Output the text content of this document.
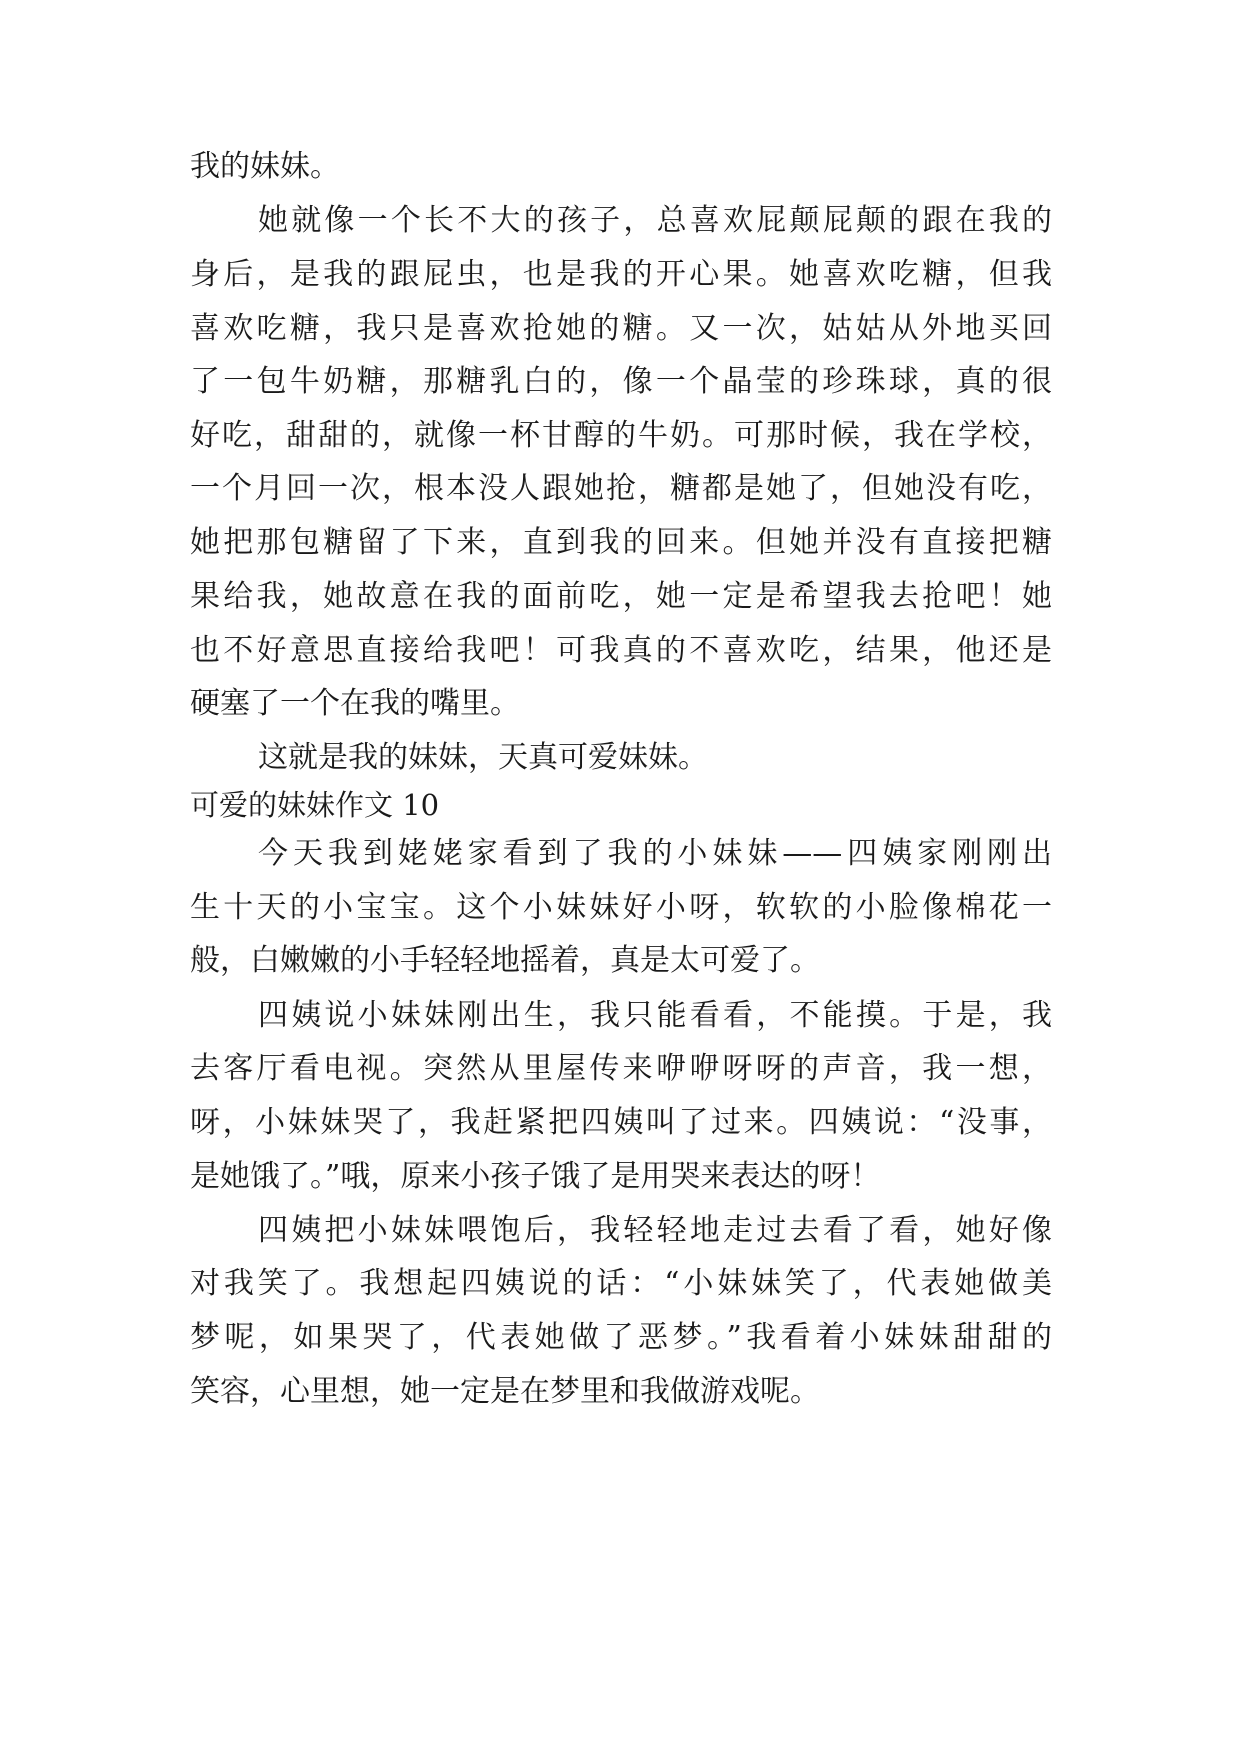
我的妹妹。
她就像一个长不大的孩子，总喜欢屁颠屁颠的跟在我的
身后，是我的跟屁虫，也是我的开心果。她喜欢吃糖，但我
喜欢吃糖，我只是喜欢抢她的糖。又一次，姑姑从外地买回
了一包牛奶糖，那糖乳白的，像一个晶莹的珍珠球，真的很
好吃，甜甜的，就像一杯甘醇的牛奶。可那时候，我在学校，
一个月回一次，根本没人跟她抢，糖都是她了，但她没有吃，
她把那包糖留了下来，直到我的回来。但她并没有直接把糖
果给我，她故意在我的面前吃，她一定是希望我去抢吧！她
也不好意思直接给我吧！可我真的不喜欢吃，结果，他还是
硬塞了一个在我的嘴里。
这就是我的妹妹，天真可爱妹妹。
可爱的妹妹作文 10
今天我到姥姥家看到了我的小妹妹——四姨家刚刚出
生十天的小宝宝。这个小妹妹好小呀，软软的小脸像棉花一
般，白嫩嫩的小手轻轻地摇着，真是太可爱了。
四姨说小妹妹刚出生，我只能看看，不能摸。于是，我
去客厅看电视。突然从里屋传来咿咿呀呀的声音，我一想，
呀，小妹妹哭了，我赶紧把四姨叫了过来。四姨说：“没事，
是她饿了。”哦，原来小孩子饿了是用哭来表达的呀！
四姨把小妹妹喂饱后，我轻轻地走过去看了看，她好像
对我笑了。我想起四姨说的话：“小妹妹笑了，代表她做美
梦呢，如果哭了，代表她做了恶梦。”我看着小妹妹甜甜的
笑容，心里想，她一定是在梦里和我做游戏呢。
